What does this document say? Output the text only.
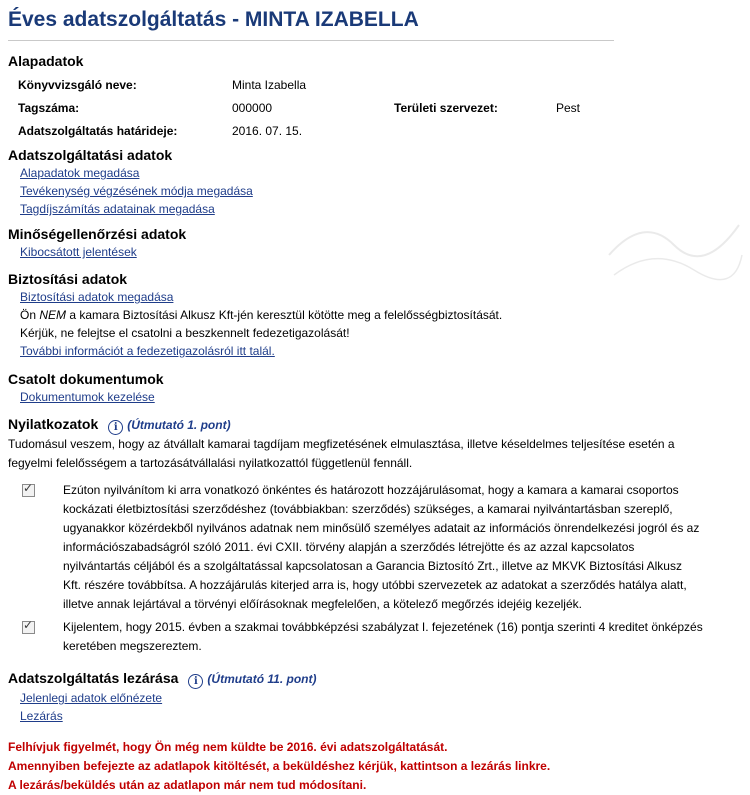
Éves adatszolgáltatás - MINTA IZABELLA
Alapadatok
Könyvvizsgáló neve:	Minta Izabella		
Tagszáma:	000000	Területi szervezet:	Pest
Adatszolgáltatás határideje:	2016. 07. 15.		
Adatszolgáltatási adatok
Alapadatok megadása
Tevékenység végzésének módja megadása
Tagdíjszámítás adatainak megadása
Minőségellenőrzési adatok
Kibocsátott jelentések
Biztosítási adatok
Biztosítási adatok megadása

Ön NEM a kamara Biztosítási Alkusz Kft-jén keresztül kötötte meg a felelősségbiztosítását.

Kérjük, ne felejtse el csatolni a beszkennelt fedezetigazolását!

További információt a fedezetigazolásról itt talál.
Csatolt dokumentumok
Dokumentumok kezelése
Nyilatkozatok i (Útmutató 1. pont)

Tudomásul veszem, hogy az átvállalt kamarai tagdíjam megfizetésének elmulasztása, illetve késeldelmes teljesítése esetén a fegyelmi felelősségem a tartozásátvállalási nyilatkozattól függetlenül fennáll.

✓
Ezúton nyilvánítom ki arra vonatkozó önkéntes és határozott hozzájárulásomat, hogy a kamara a kamarai csoportos kockázati életbiztosítási szerződéshez (továbbiakban: szerződés) szükséges, a kamarai nyilvántartásban szereplő, ugyanakkor közérdekből nyilvános adatnak nem minősülő személyes adatait az információs önrendelkezési jogról és az információszabadságról szóló 2011. évi CXII. törvény alapján a szerződés létrejötte és az azzal kapcsolatos nyilvántartás céljából és a szolgáltatással kapcsolatosan a Garancia Biztosító Zrt., illetve az MKVK Biztosítási Alkusz Kft. részére továbbítsa. A hozzájárulás kiterjed arra is, hogy utóbbi szervezetek az adatokat a szerződés hatálya alatt, illetve annak lejártával a törvényi előírásoknak megfelelően, a kötelező megőrzés idejéig kezeljék.
✓
Kijelentem, hogy 2015. évben a szakmai továbbképzési szabályzat I. fejezetének (16) pontja szerinti 4 kreditet önképzés keretében megszereztem.
Adatszolgáltatás lezárása i (Útmutató 11. pont)
Jelenlegi adatok előnézete
Lezárás

Felhívjuk figyelmét, hogy Ön még nem küldte be 2016. évi adatszolgáltatását.

Amennyiben befejezte az adatlapok kitöltését, a beküldéshez kérjük, kattintson a lezárás linkre.

A lezárás/beküldés után az adatlapon már nem tud módosítani.
